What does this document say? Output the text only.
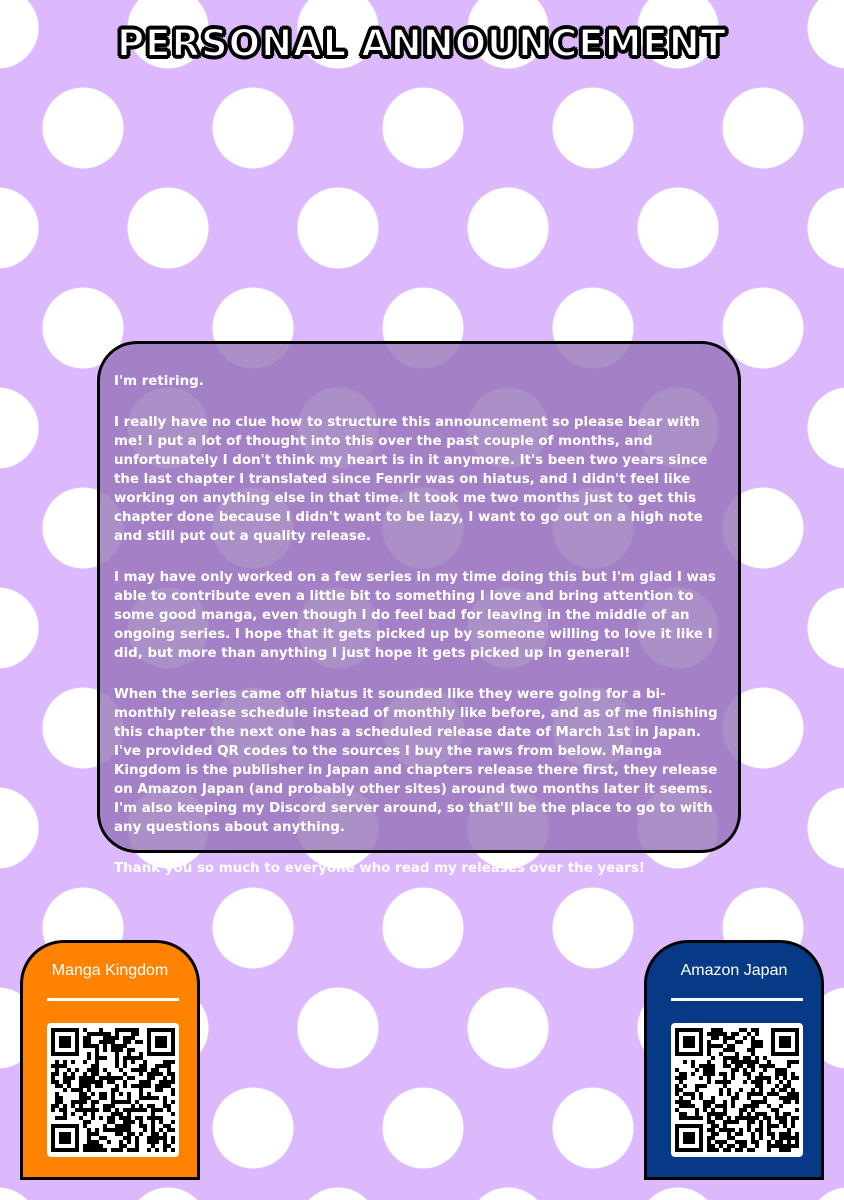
PERSONAL ANNOUNCEMENT

I'm retiring.

I really have no clue how to structure this announcement so please bear with me! I put a lot of thought into this over the past couple of months, and unfortunately I don't think my heart is in it anymore. It's been two years since the last chapter I translated since Fenrir was on hiatus, and I didn't feel like working on anything else in that time. It took me two months just to get this chapter done because I didn't want to be lazy, I want to go out on a high note and still put out a quality release.

I may have only worked on a few series in my time doing this but I'm glad I was able to contribute even a little bit to something I love and bring attention to some good manga, even though I do feel bad for leaving in the middle of an ongoing series. I hope that it gets picked up by someone willing to love it like I did, but more than anything I just hope it gets picked up in general!

When the series came off hiatus it sounded like they were going for a bi-monthly release schedule instead of monthly like before, and as of me finishing this chapter the next one has a scheduled release date of March 1st in Japan. I've provided QR codes to the sources I buy the raws from below. Manga Kingdom is the publisher in Japan and chapters release there first, they release on Amazon Japan (and probably other sites) around two months later it seems. I'm also keeping my Discord server around, so that'll be the place to go to with any questions about anything.

Thank you so much to everyone who read my releases over the years!

Manga Kingdom	Amazon Japan
